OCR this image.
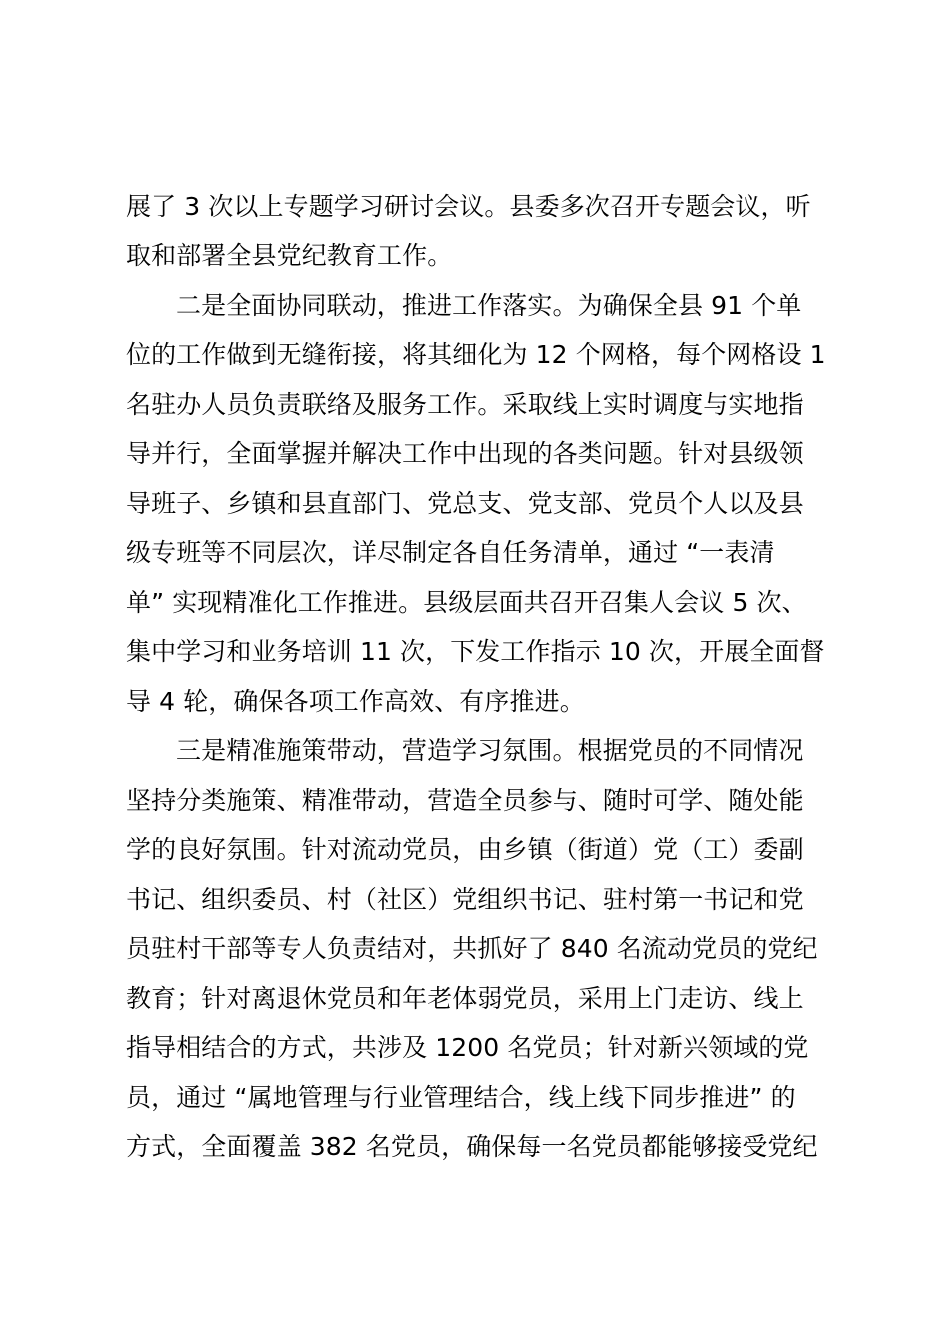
展了 3 次以上专题学习研讨会议。县委多次召开专题会议，听
取和部署全县党纪教育工作。
二是全面协同联动，推进工作落实。为确保全县 91 个单
位的工作做到无缝衔接，将其细化为 12 个网格，每个网格设 1
名驻办人员负责联络及服务工作。采取线上实时调度与实地指
导并行，全面掌握并解决工作中出现的各类问题。针对县级领
导班子、乡镇和县直部门、党总支、党支部、党员个人以及县
级专班等不同层次，详尽制定各自任务清单，通过 “一表清
单” 实现精准化工作推进。县级层面共召开召集人会议 5 次、
集中学习和业务培训 11 次，下发工作指示 10 次，开展全面督
导 4 轮，确保各项工作高效、有序推进。
三是精准施策带动，营造学习氛围。根据党员的不同情况
坚持分类施策、精准带动，营造全员参与、随时可学、随处能
学的良好氛围。针对流动党员，由乡镇（街道）党（工）委副
书记、组织委员、村（社区）党组织书记、驻村第一书记和党
员驻村干部等专人负责结对，共抓好了 840 名流动党员的党纪
教育；针对离退休党员和年老体弱党员，采用上门走访、线上
指导相结合的方式，共涉及 1200 名党员；针对新兴领域的党
员，通过 “属地管理与行业管理结合，线上线下同步推进” 的
方式，全面覆盖 382 名党员，确保每一名党员都能够接受党纪
